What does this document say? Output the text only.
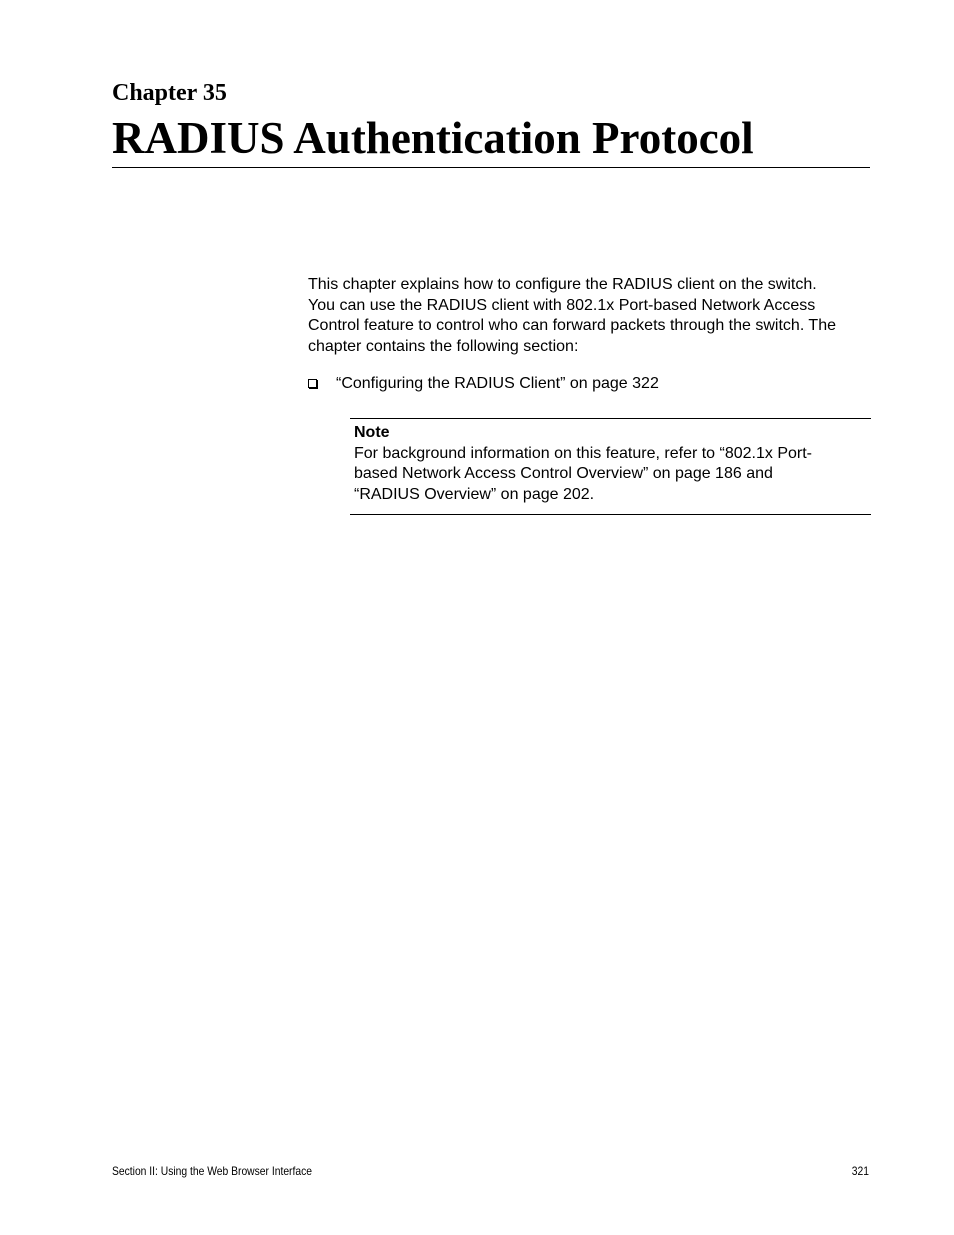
Chapter 35
RADIUS Authentication Protocol
This chapter explains how to configure the RADIUS client on the switch.
You can use the RADIUS client with 802.1x Port-based Network Access
Control feature to control who can forward packets through the switch. The
chapter contains the following section:
“Configuring the RADIUS Client” on page 322
Note
For background information on this feature, refer to “802.1x Port-
based Network Access Control Overview” on page 186 and
“RADIUS Overview” on page 202.
Section II: Using the Web Browser Interface	321
